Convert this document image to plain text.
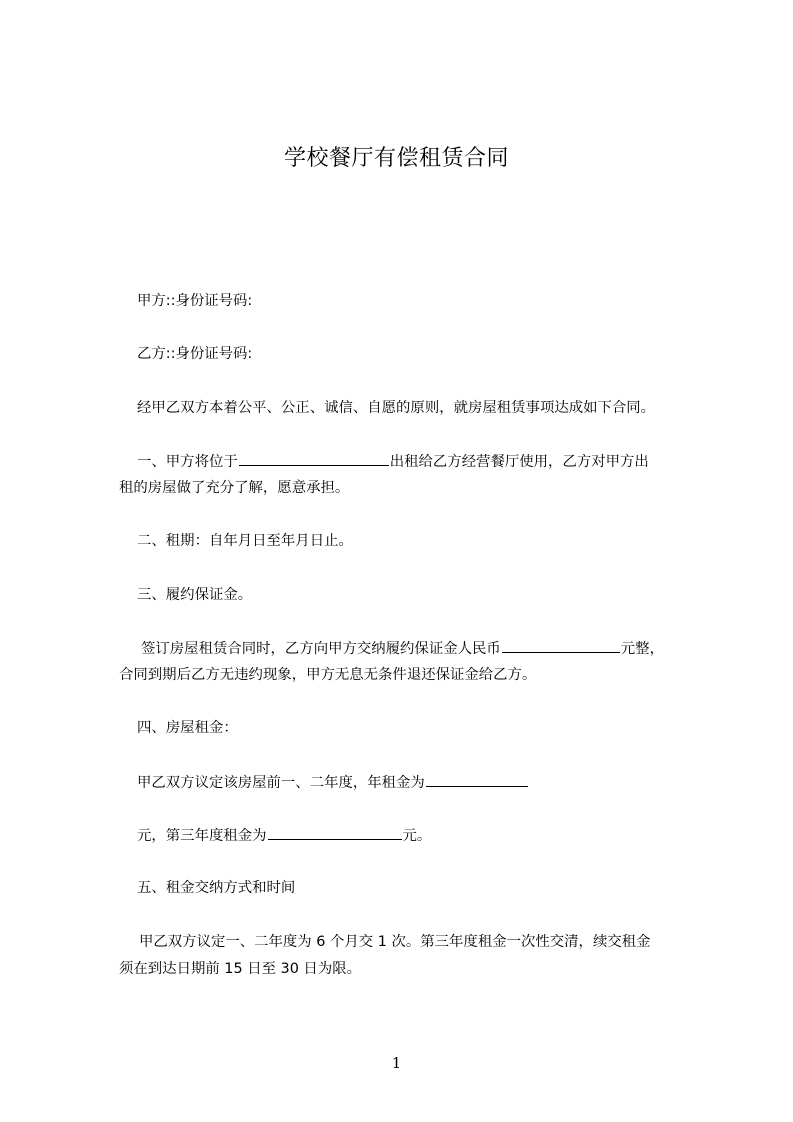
学校餐厅有偿租赁合同
甲方::身份证号码:
乙方::身份证号码:
经甲乙双方本着公平、公正、诚信、自愿的原则，就房屋租赁事项达成如下合同。
一、甲方将位于	出租给乙方经营餐厅使用，乙方对甲方出
租的房屋做了充分了解，愿意承担。
二、租期：自年月日至年月日止。
三、履约保证金。
签订房屋租赁合同时，乙方向甲方交纳履约保证金人民币	元整，
合同到期后乙方无违约现象，甲方无息无条件退还保证金给乙方。
四、房屋租金：
甲乙双方议定该房屋前一、二年度，年租金为
元，第三年度租金为	元。
五、租金交纳方式和时间
甲乙双方议定一、二年度为 6 个月交 1 次。第三年度租金一次性交清，续交租金
须在到达日期前 15 日至 30 日为限。
1
